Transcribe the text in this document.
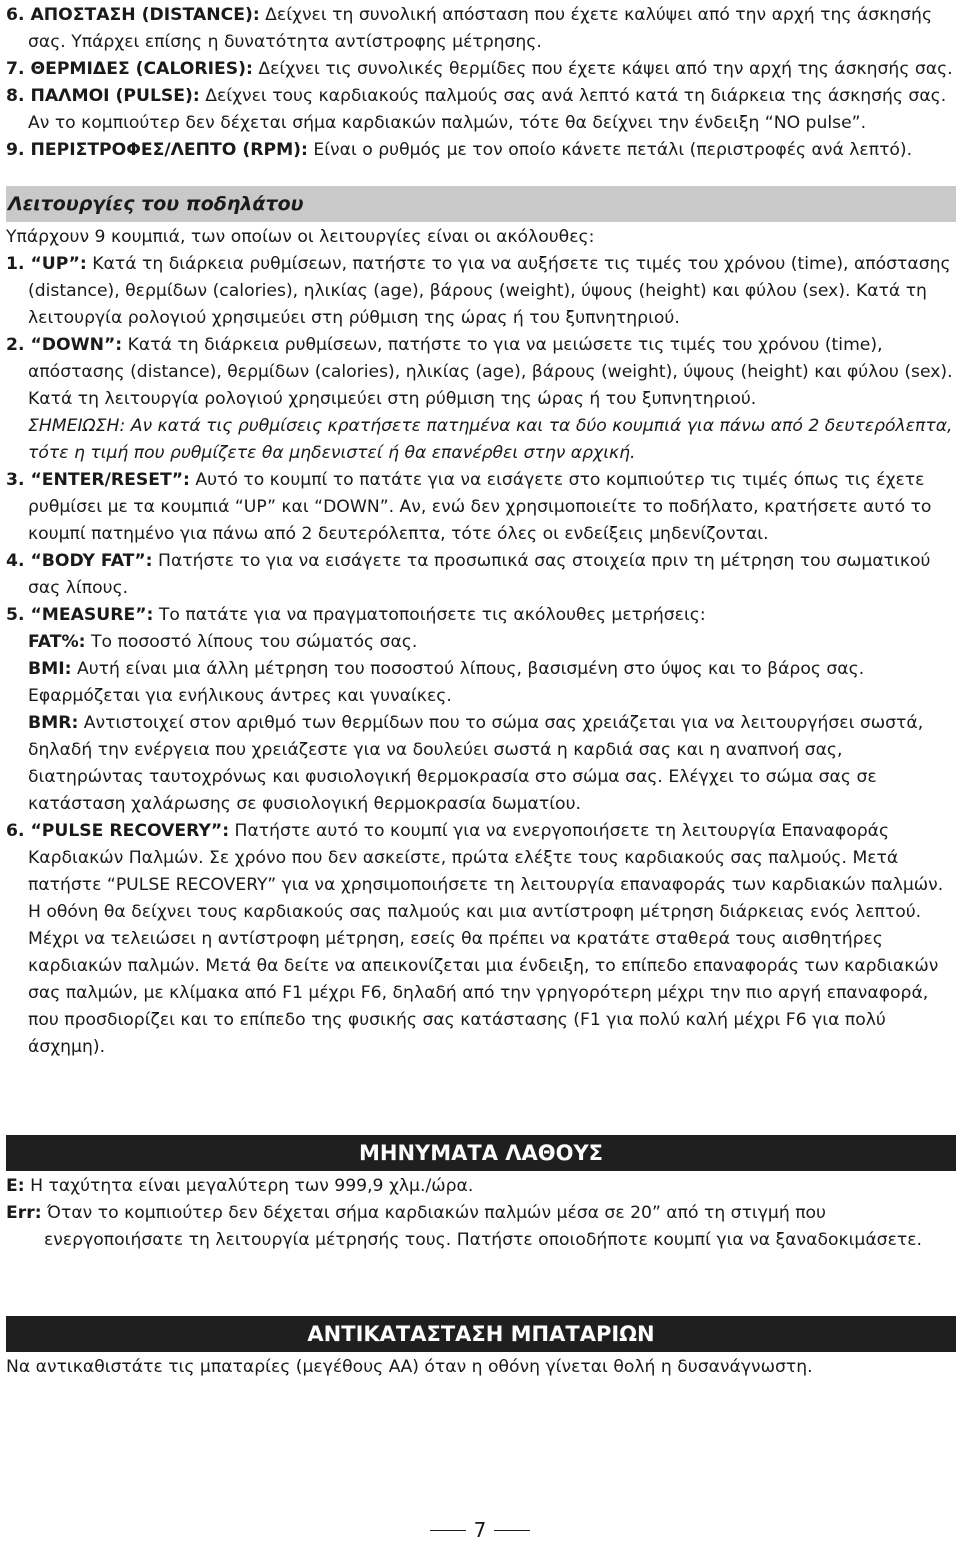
6. ΑΠΟΣΤΑΣΗ (DISTANCE): Δείχνει τη συνολική απόσταση που έχετε καλύψει από την αρχή της άσκησής σας. Υπάρχει επίσης η δυνατότητα αντίστροφης μέτρησης.

7. ΘΕΡΜΙΔΕΣ (CALORIES): Δείχνει τις συνολικές θερμίδες που έχετε κάψει από την αρχή της άσκησής σας.

8. ΠΑΛΜΟΙ (PULSE): Δείχνει τους καρδιακούς παλμούς σας ανά λεπτό κατά τη διάρκεια της άσκησής σας. Αν το κομπιούτερ δεν δέχεται σήμα καρδιακών παλμών, τότε θα δείχνει την ένδειξη “NO pulse”.

9. ΠΕΡΙΣΤΡΟΦΕΣ/ΛΕΠΤΟ (RPM): Είναι ο ρυθμός με τον οποίο κάνετε πετάλι (περιστροφές ανά λεπτό).

Λειτουργίες του ποδηλάτου

Υπάρχουν 9 κουμπιά, των οποίων οι λειτουργίες είναι οι ακόλουθες:

1. “UP”: Κατά τη διάρκεια ρυθμίσεων, πατήστε το για να αυξήσετε τις τιμές του χρόνου (time), απόστασης (distance), θερμίδων (calories), ηλικίας (age), βάρους (weight), ύψους (height) και φύλου (sex). Κατά τη λειτουργία ρολογιού χρησιμεύει στη ρύθμιση της ώρας ή του ξυπνητηριού.

2. “DOWN”: Κατά τη διάρκεια ρυθμίσεων, πατήστε το για να μειώσετε τις τιμές του χρόνου (time), απόστασης (distance), θερμίδων (calories), ηλικίας (age), βάρους (weight), ύψους (height) και φύλου (sex). Κατά τη λειτουργία ρολογιού χρησιμεύει στη ρύθμιση της ώρας ή του ξυπνητηριού.

ΣΗΜΕΙΩΣΗ: Αν κατά τις ρυθμίσεις κρατήσετε πατημένα και τα δύο κουμπιά για πάνω από 2 δευτερόλεπτα, τότε η τιμή που ρυθμίζετε θα μηδενιστεί ή θα επανέρθει στην αρχική.

3. “ENTER/RESET”: Αυτό το κουμπί το πατάτε για να εισάγετε στο κομπιούτερ τις τιμές όπως τις έχετε ρυθμίσει με τα κουμπιά “UP” και “DOWN”. Αν, ενώ δεν χρησιμοποιείτε το ποδήλατο, κρατήσετε αυτό το κουμπί πατημένο για πάνω από 2 δευτερόλεπτα, τότε όλες οι ενδείξεις μηδενίζονται.

4. “BODY FAT”: Πατήστε το για να εισάγετε τα προσωπικά σας στοιχεία πριν τη μέτρηση του σωματικού σας λίπους.

5. “MEASURE”: Το πατάτε για να πραγματοποιήσετε τις ακόλουθες μετρήσεις:

FAT%: Το ποσοστό λίπους του σώματός σας.

BMI: Αυτή είναι μια άλλη μέτρηση του ποσοστού λίπους, βασισμένη στο ύψος και το βάρος σας. Εφαρμόζεται για ενήλικους άντρες και γυναίκες.

BMR: Αντιστοιχεί στον αριθμό των θερμίδων που το σώμα σας χρειάζεται για να λειτουργήσει σωστά, δηλαδή την ενέργεια που χρειάζεστε για να δουλεύει σωστά η καρδιά σας και η αναπνοή σας, διατηρώντας ταυτοχρόνως και φυσιολογική θερμοκρασία στο σώμα σας. Ελέγχει το σώμα σας σε κατάσταση χαλάρωσης σε φυσιολογική θερμοκρασία δωματίου.

6. “PULSE RECOVERY”: Πατήστε αυτό το κουμπί για να ενεργοποιήσετε τη λειτουργία Επαναφοράς Καρδιακών Παλμών. Σε χρόνο που δεν ασκείστε, πρώτα ελέξτε τους καρδιακούς σας παλμούς. Μετά πατήστε “PULSE RECOVERY” για να χρησιμοποιήσετε τη λειτουργία επαναφοράς των καρδιακών παλμών. Η οθόνη θα δείχνει τους καρδιακούς σας παλμούς και μια αντίστροφη μέτρηση διάρκειας ενός λεπτού. Μέχρι να τελειώσει η αντίστροφη μέτρηση, εσείς θα πρέπει να κρατάτε σταθερά τους αισθητήρες καρδιακών παλμών. Μετά θα δείτε να απεικονίζεται μια ένδειξη, το επίπεδο επαναφοράς των καρδιακών σας παλμών, με κλίμακα από F1 μέχρι F6, δηλαδή από την γρηγορότερη μέχρι την πιο αργή επαναφορά, που προσδιορίζει και το επίπεδο της φυσικής σας κατάστασης (F1 για πολύ καλή μέχρι F6 για πολύ άσχημη).

ΜΗΝΥΜΑΤΑ ΛΑΘΟΥΣ

E: Η ταχύτητα είναι μεγαλύτερη των 999,9 χλμ./ώρα.

Err: Όταν το κομπιούτερ δεν δέχεται σήμα καρδιακών παλμών μέσα σε 20” από τη στιγμή που ενεργοποιήσατε τη λειτουργία μέτρησής τους. Πατήστε οποιοδήποτε κουμπί για να ξαναδοκιμάσετε.

ΑΝΤΙΚΑΤΑΣΤΑΣΗ ΜΠΑΤΑΡΙΩΝ

Να αντικαθιστάτε τις μπαταρίες (μεγέθους ΑΑ) όταν η οθόνη γίνεται θολή η δυσανάγνωστη.

7
